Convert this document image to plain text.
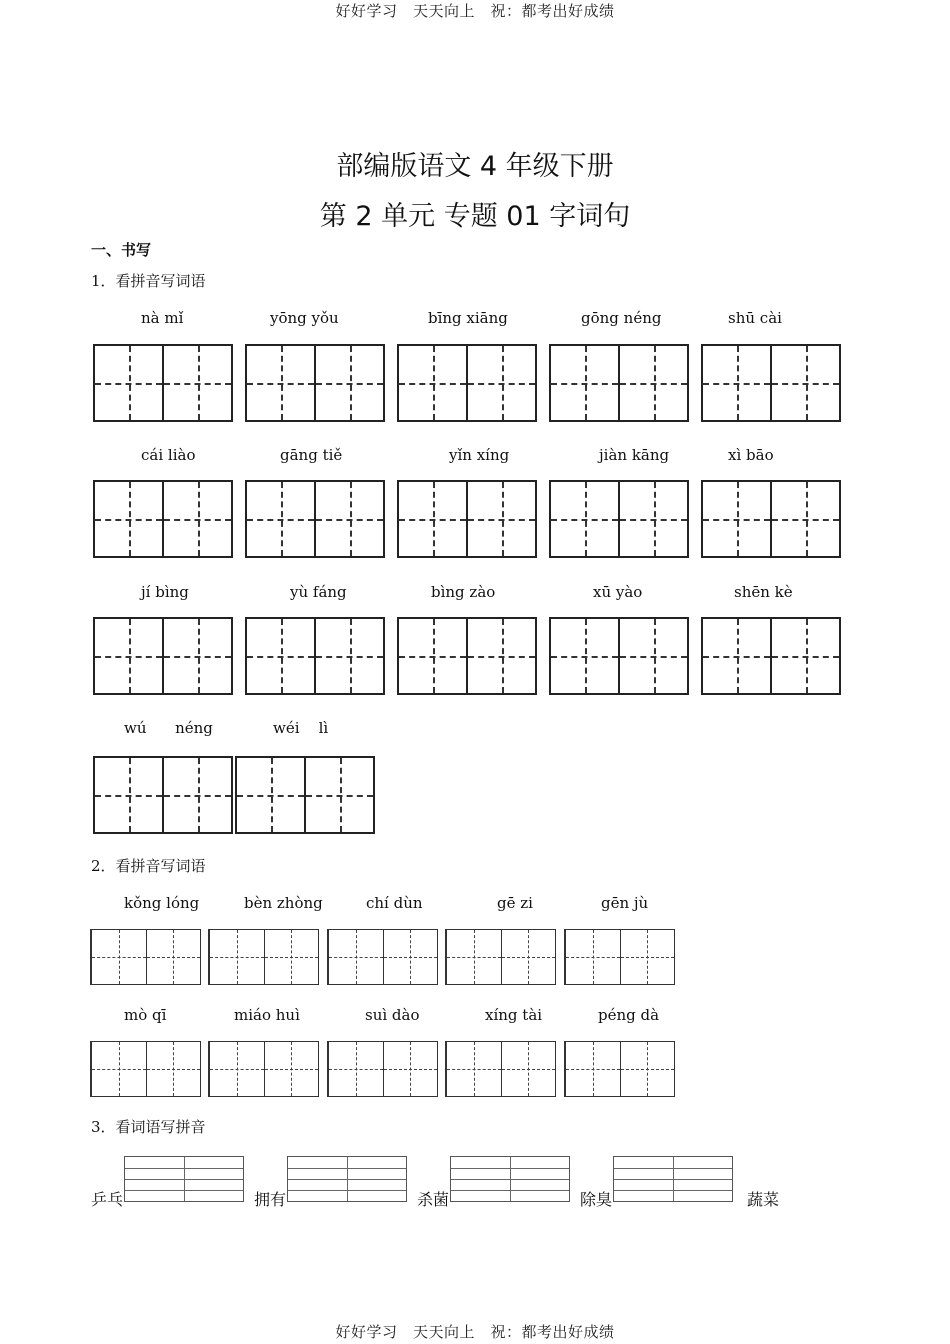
好好学习　天天向上　祝：都考出好成绩
好好学习　天天向上　祝：都考出好成绩
部编版语文 4 年级下册
第 2 单元 专题 01 字词句
一、书写
1．看拼音写词语
nà mǐ	yōng yǒu	bīng xiāng	gōng néng	shū cài
cái liào	gāng tiě	yǐn xíng	jiàn kāng	xì bāo
jí bìng	yù fáng	bìng zào	xū yào	shēn kè
wú      néng	wéi    lì
2．看拼音写词语
kǒng lóng	bèn zhòng	chí dùn	gē zi	gēn jù
mò qī	miáo huì	suì dào	xíng tài	péng dà
3．看词语写拼音
乒乓	拥有	杀菌	除臭	蔬菜
